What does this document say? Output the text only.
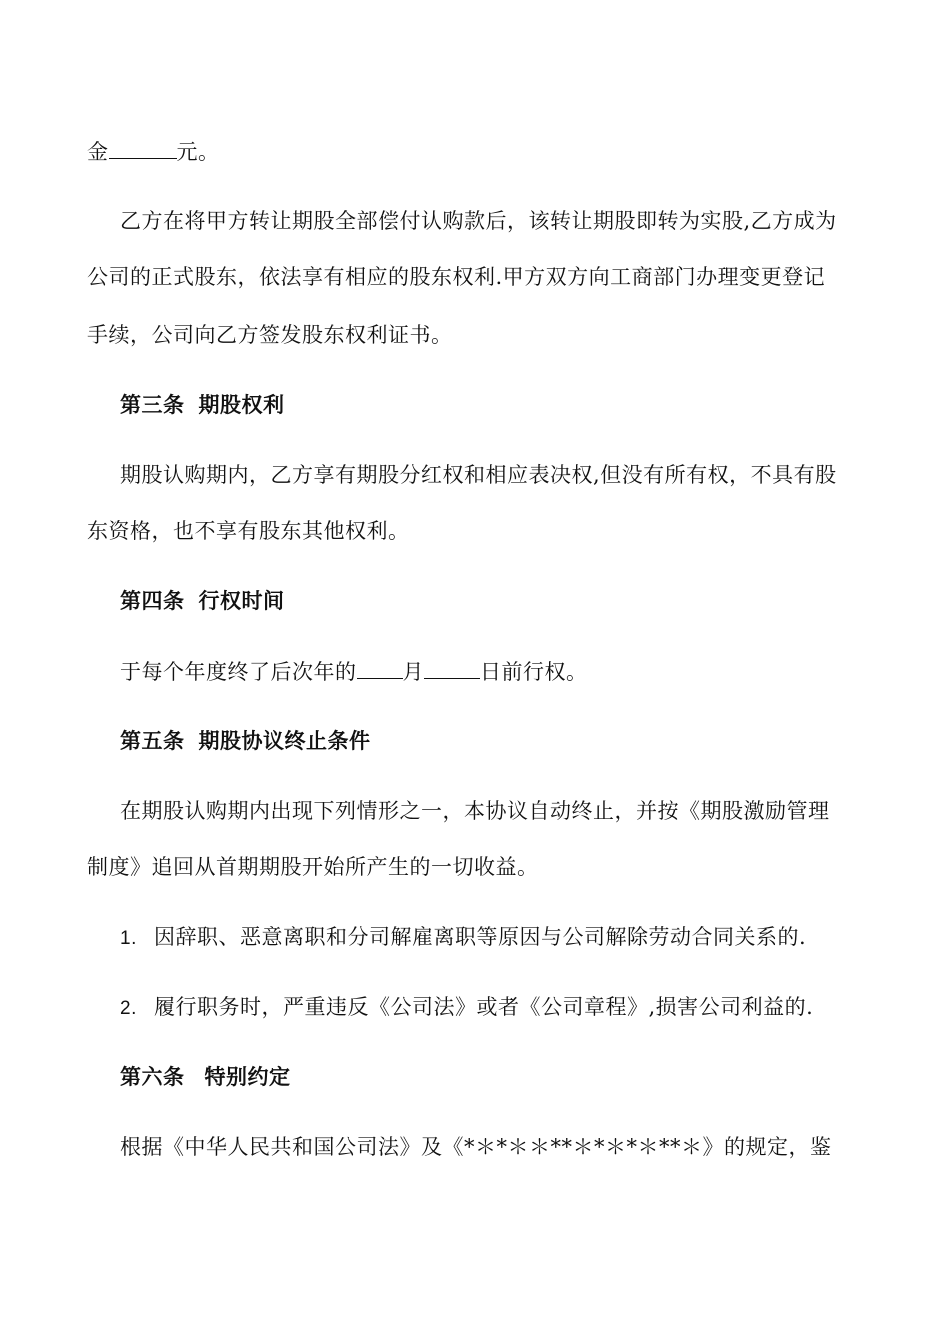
金	元。
乙方在将甲方转让期股全部偿付认购款后，该转让期股即转为实股,乙方成为
公司的正式股东，依法享有相应的股东权利.甲方双方向工商部门办理变更登记
手续，公司向乙方签发股东权利证书。
第三条 期股权利
期股认购期内，乙方享有期股分红权和相应表决权,但没有所有权，不具有股
东资格，也不享有股东其他权利。
第四条 行权时间
于每个年度终了后次年的 月	日前行权。
第五条 期股协议终止条件
在期股认购期内出现下列情形之一，本协议自动终止，并按《期股激励管理
制度》追回从首期期股开始所产生的一切收益。
1. 因辞职、恶意离职和分司解雇离职等原因与公司解除劳动合同关系的.
2. 履行职务时，严重违反《公司法》或者《公司章程》,损害公司利益的.
第六条 特别约定
根据《中华人民共和国公司法》及《*＊*＊＊**＊*＊*＊**＊》的规定，鉴
